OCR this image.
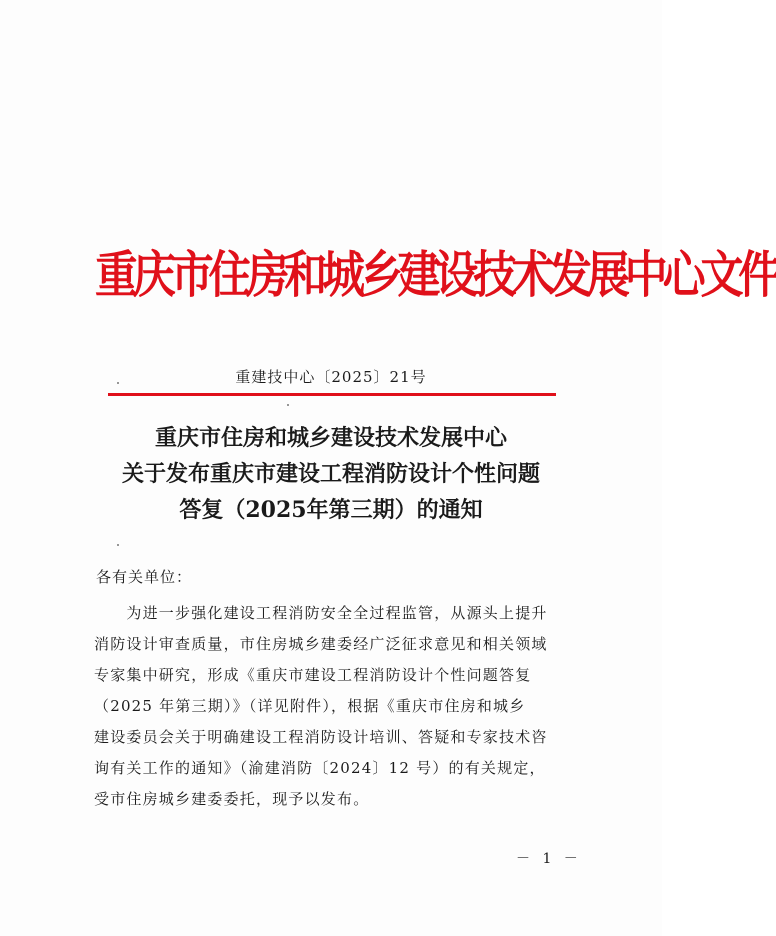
重庆市住房和城乡建设技术发展中心文件
重建技中心〔2025〕21号
重庆市住房和城乡建设技术发展中心
关于发布重庆市建设工程消防设计个性问题
答复（2025年第三期）的通知
各有关单位：
　　为进一步强化建设工程消防安全全过程监管，从源头上提升
消防设计审查质量，市住房城乡建委经广泛征求意见和相关领域
专家集中研究，形成《重庆市建设工程消防设计个性问题答复
（2025 年第三期）》（详见附件），根据《重庆市住房和城乡
建设委员会关于明确建设工程消防设计培训、答疑和专家技术咨
询有关工作的通知》（渝建消防〔2024〕12 号）的有关规定，
受市住房城乡建委委托，现予以发布。
－ 1 －
